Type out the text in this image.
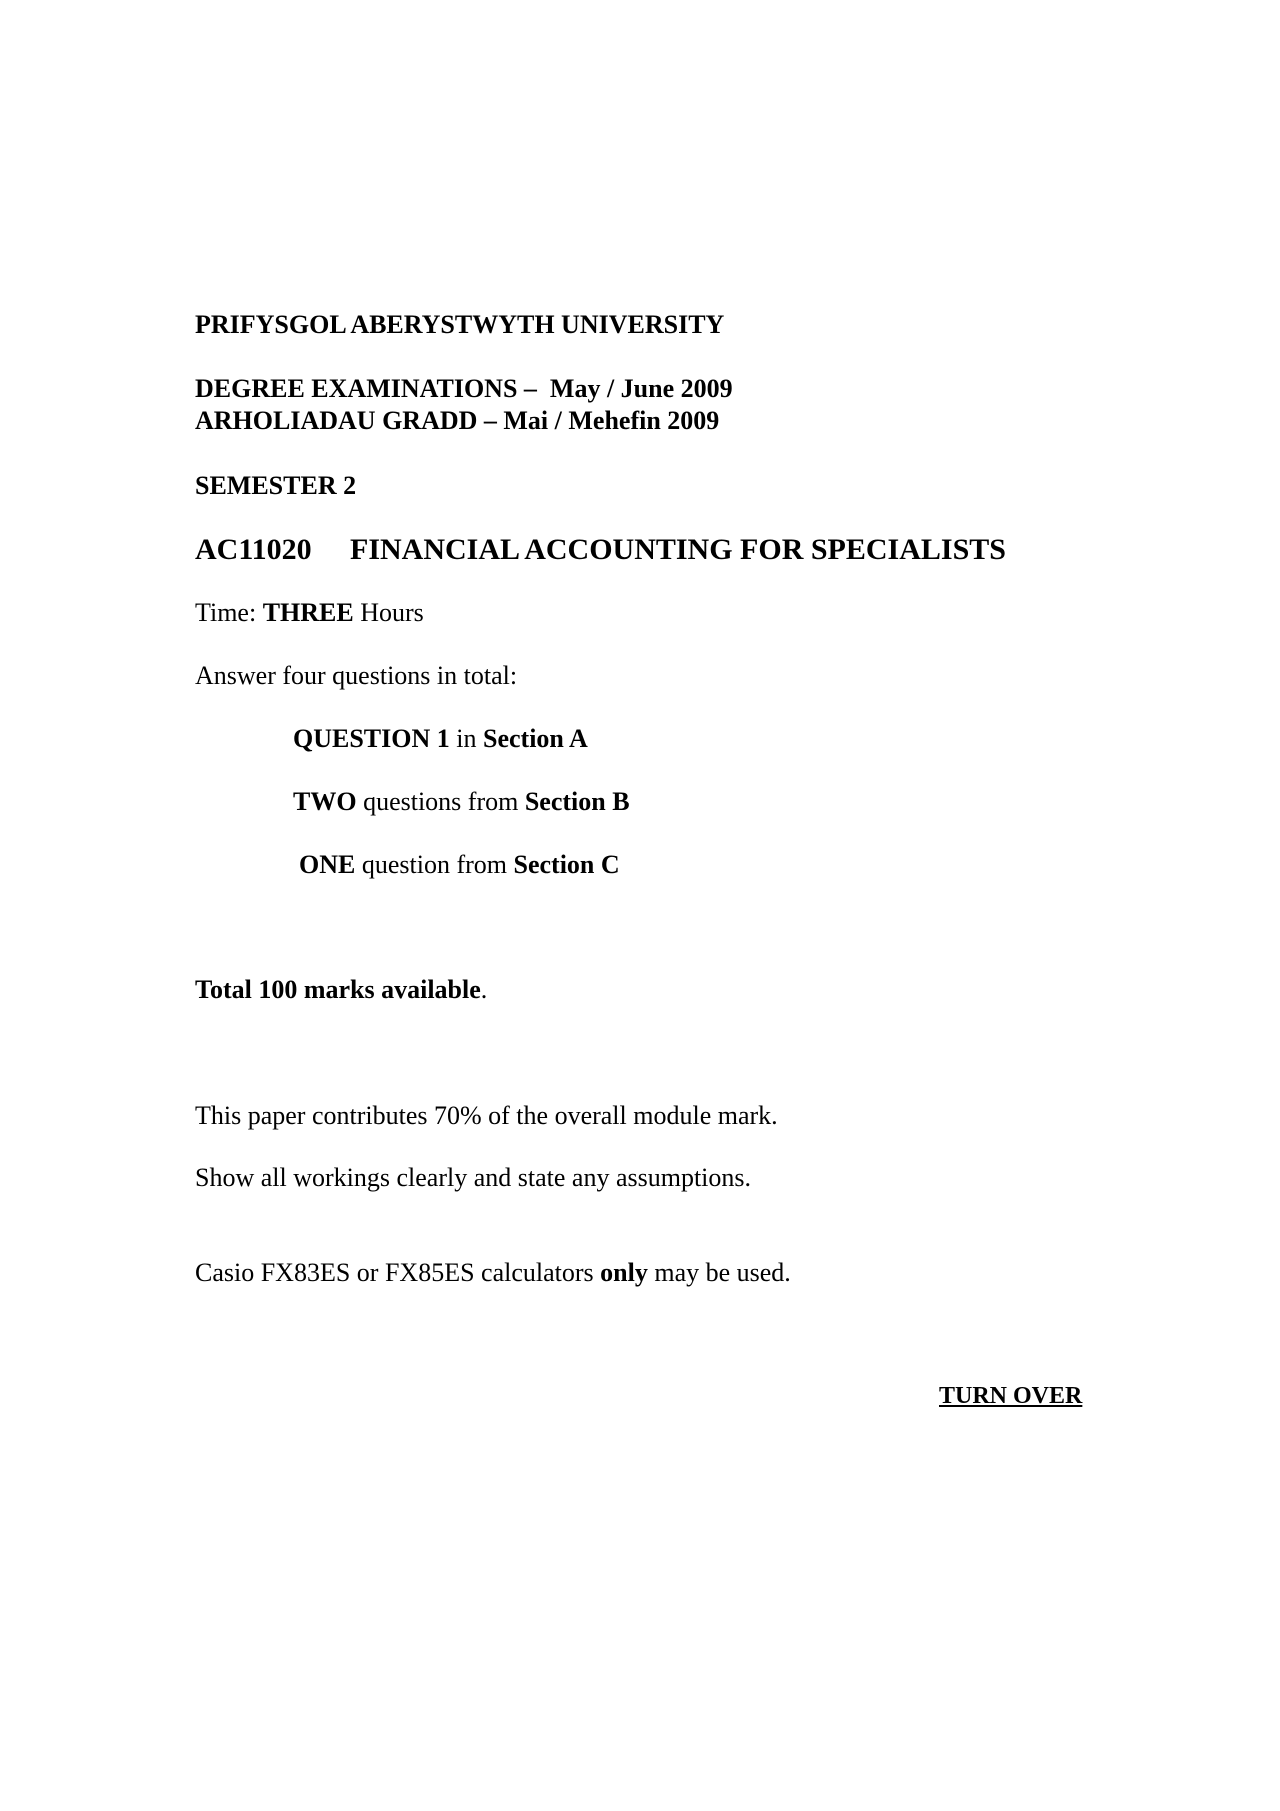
PRIFYSGOL ABERYSTWYTH UNIVERSITY
DEGREE EXAMINATIONS –  May / June 2009
ARHOLIADAU GRADD – Mai / Mehefin 2009
SEMESTER 2
AC11020 FINANCIAL ACCOUNTING FOR SPECIALISTS
Time: THREE Hours
Answer four questions in total:
QUESTION 1 in Section A
TWO questions from Section B
ONE question from Section C
Total 100 marks available.
This paper contributes 70% of the overall module mark.
Show all workings clearly and state any assumptions.
Casio FX83ES or FX85ES calculators only may be used.
TURN OVER
